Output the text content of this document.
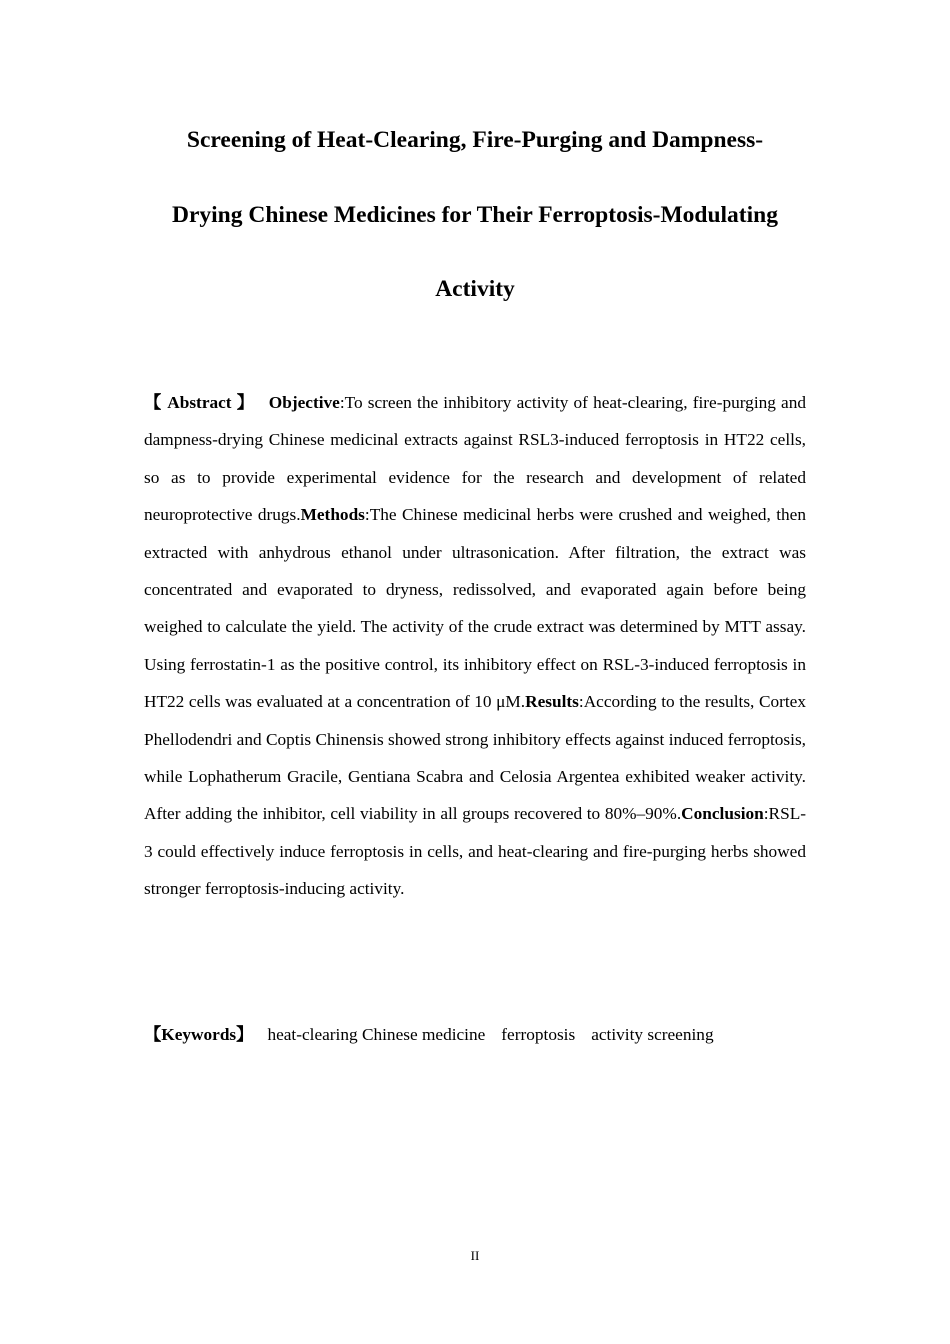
Screening of Heat-Clearing, Fire-Purging and Dampness-
Drying Chinese Medicines for Their Ferroptosis-Modulating
Activity

【 Abstract 】 Objective:To screen the inhibitory activity of heat-clearing, fire-purging and dampness-drying Chinese medicinal extracts against RSL3-induced ferroptosis in HT22 cells, so as to provide experimental evidence for the research and development of related neuroprotective drugs.Methods:The Chinese medicinal herbs were crushed and weighed, then extracted with anhydrous ethanol under ultrasonication. After filtration, the extract was concentrated and evaporated to dryness, redissolved, and evaporated again before being weighed to calculate the yield. The activity of the crude extract was determined by MTT assay. Using ferrostatin-1 as the positive control, its inhibitory effect on RSL-3-induced ferroptosis in HT22 cells was evaluated at a concentration of 10 μM.Results:According to the results, Cortex Phellodendri and Coptis Chinensis showed strong inhibitory effects against induced ferroptosis, while Lophatherum Gracile, Gentiana Scabra and Celosia Argentea exhibited weaker activity. After adding the inhibitor, cell viability in all groups recovered to 80%–90%.Conclusion:RSL-3 could effectively induce ferroptosis in cells, and heat-clearing and fire-purging herbs showed stronger ferroptosis-inducing activity.

【Keywords】 heat-clearing Chinese medicine ferroptosis activity screening

II
